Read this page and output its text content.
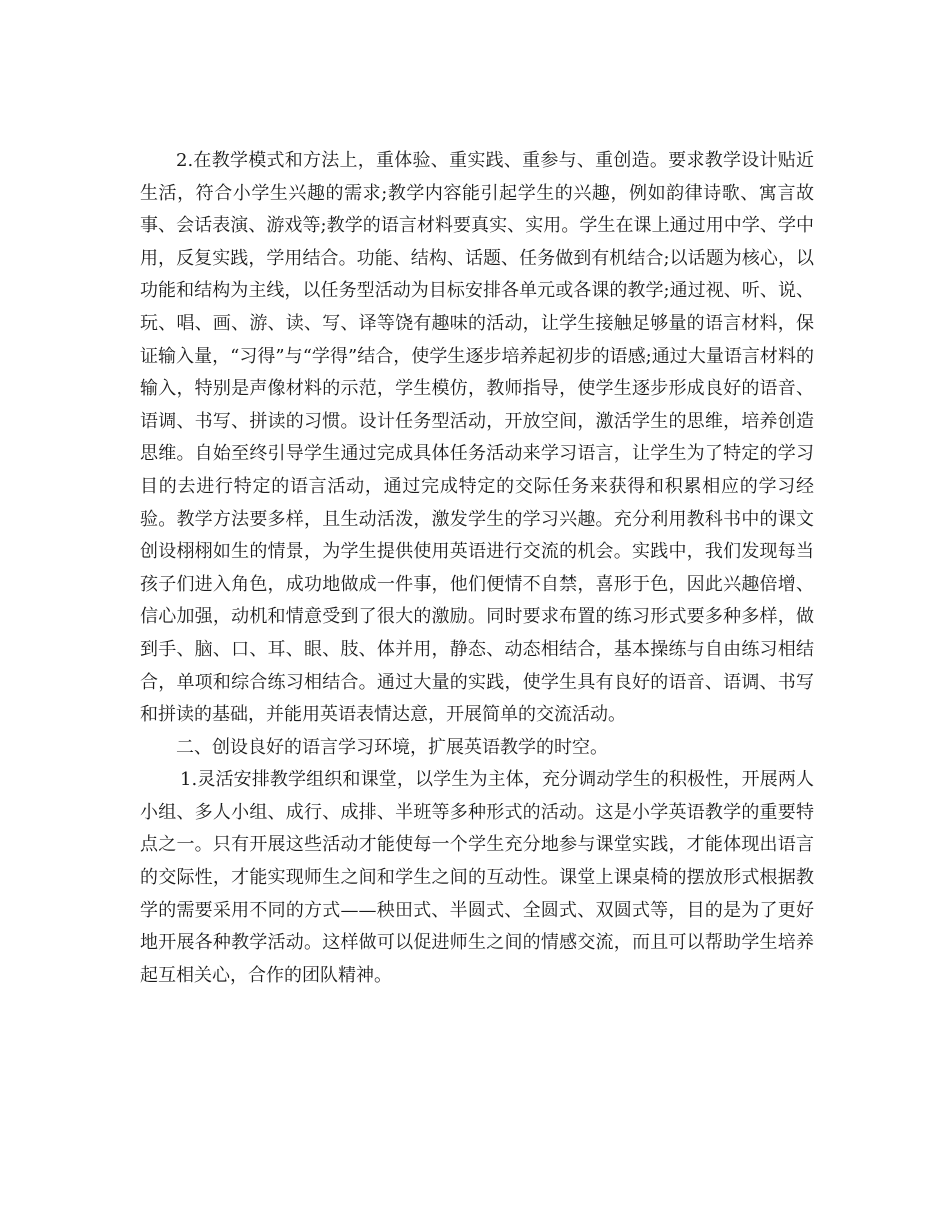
2.在教学模式和方法上，重体验、重实践、重参与、重创造。要求教学设计贴近生活，符合小学生兴趣的需求;教学内容能引起学生的兴趣，例如韵律诗歌、寓言故事、会话表演、游戏等;教学的语言材料要真实、实用。学生在课上通过用中学、学中用，反复实践，学用结合。功能、结构、话题、任务做到有机结合;以话题为核心，以功能和结构为主线，以任务型活动为目标安排各单元或各课的教学;通过视、听、说、玩、唱、画、游、读、写、译等饶有趣味的活动，让学生接触足够量的语言材料，保证输入量，“习得”与“学得”结合，使学生逐步培养起初步的语感;通过大量语言材料的输入，特别是声像材料的示范，学生模仿，教师指导，使学生逐步形成良好的语音、语调、书写、拼读的习惯。设计任务型活动，开放空间，激活学生的思维，培养创造思维。自始至终引导学生通过完成具体任务活动来学习语言，让学生为了特定的学习目的去进行特定的语言活动，通过完成特定的交际任务来获得和积累相应的学习经验。教学方法要多样，且生动活泼，激发学生的学习兴趣。充分利用教科书中的课文创设栩栩如生的情景，为学生提供使用英语进行交流的机会。实践中，我们发现每当孩子们进入角色，成功地做成一件事，他们便情不自禁，喜形于色，因此兴趣倍增、信心加强，动机和情意受到了很大的激励。同时要求布置的练习形式要多种多样，做到手、脑、口、耳、眼、肢、体并用，静态、动态相结合，基本操练与自由练习相结合，单项和综合练习相结合。通过大量的实践，使学生具有良好的语音、语调、书写和拼读的基础，并能用英语表情达意，开展简单的交流活动。

二、创设良好的语言学习环境，扩展英语教学的时空。

1.灵活安排教学组织和课堂，以学生为主体，充分调动学生的积极性，开展两人小组、多人小组、成行、成排、半班等多种形式的活动。这是小学英语教学的重要特点之一。只有开展这些活动才能使每一个学生充分地参与课堂实践，才能体现出语言的交际性，才能实现师生之间和学生之间的互动性。课堂上课桌椅的摆放形式根据教学的需要采用不同的方式——秧田式、半圆式、全圆式、双圆式等，目的是为了更好地开展各种教学活动。这样做可以促进师生之间的情感交流，而且可以帮助学生培养起互相关心，合作的团队精神。
